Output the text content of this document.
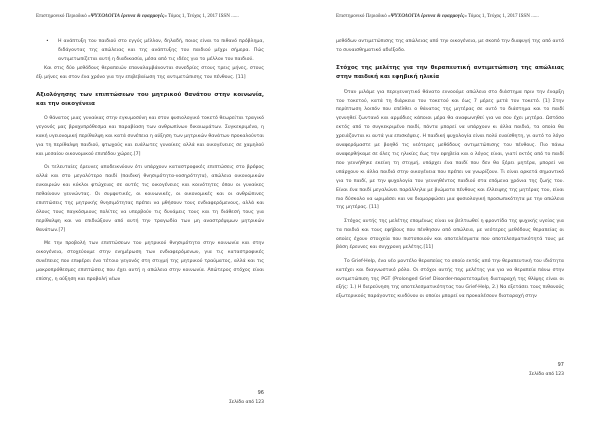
Επιστημονικό Περιοδικό «ΨΥΧΟΛΟΓΙΑ έρευνα & εφαρμογές» Τόμος 1, Τεύχος 1, 2017 ISSN ......

• Η ανάπτυξη του παιδιού στο εγγύς μέλλον, δηλαδή, ποιος είναι το πιθανό πρόβλημα, διδάγοντας της απώλειας και της ανάπτυξης του παιδιού μέχρι σήμερα. Πώς αντιμετωπίζεται αυτή η διαδικασία, μέσα από τις ιδέες για το μέλλον του παιδιού.

Και στις δύο μεθόδους θεραπειών επαναλαμβάνονται συνεδρίες στους τρεις μήνες, στους έξι μήνες και στον ένα χρόνο για την επιβεβαίωση της αντιμετώπισης του πένθους. [11]

Αξιολόγησης των επιπτώσεων του μητρικού θανάτου στην κοινωνία, και την οικογένεια

Ο θάνατος μιας γυναίκας στην εγκυμοσύνη και στον φυσιολογικό τοκετό θεωρείται τραγικό γεγονός μας βραχυπρόθεσμα και παραβίαση των ανθρωπίνων δικαιωμάτων. Συγκεκριμένα, η κακή υγειονομική περίθαλψη και κατά συνέπεια η αύξηση των μητρικών θανάτων προκαλούνται για τη περίθαλψη παιδιού, φτωχούς και ευάλωτες γυναίκες αλλά και οικογένειες σε χαμηλού και μεσαίου οικονομικού επιπέδου χώρες.[7]

Οι τελευταίες έρευνες αποδεικνύουν ότι υπάρχουν καταστροφικές επιπτώσεις στο βρέφος αλλά και στο μεγαλύτερο παιδί (παιδική θνησιμότητα-νοσηρότητα), απώλεια οικονομικών ευκαιριών και κύκλοι φτώχειας σε αυτές τις οικογένειες και κοινότητες όπου οι γυναίκες πεθαίνουν γεννώντας. Οι συμφυτικές, οι κοινωνικές, οι οικονομικές και οι ανθρώπινες επιπτώσεις της μητρικής θνησιμότητας πρέπει να μθήσουν τους ενδιαφερόμενους, αλλά και όλους τους παγκόσμιους πολίτες να υπερβούν τις δυνάμεις τους και τη διάθεσή τους για περίθαλψη και να επιδιώξουν από αυτή την τραγωδία των μη αναστρέψιμων μητρικών θανάτων.[7]

Με την προβολή των επιπτώσεων του μητρικού θνησιμότητα στην κοινωνία και στην οικογένεια, στοχεύουμε στην ενημέρωση των ενδιαφερόμενων, για τις καταστροφικές συνέπειες που επιφέρει ένα τέτοιο γεγονός στη στιγμή της μητρικού τραύματος, αλλά και τις μακροπρόθεσμες επιπτώσεις που έχει αυτή η απώλεια στην κοινωνία. Απώτερος στόχος είναι επίσης, η αύξηση και προβολή νέων

96
Σελίδα από 123
Επιστημονικό Περιοδικό «ΨΥΧΟΛΟΓΙΑ έρευνα & εφαρμογές» Τόμος 1, Τεύχος 1, 2017 ISSN ......

μεθόδων αντιμετώπισης της απώλειας από την οικογένεια, με σκοπό την διαφυγή της από αυτό το συναισθηματικό αδιέξοδο.

Στόχος της μελέτης για την θεραπευτική αντιμετώπιση της απώλειας στην παιδική και εφηβική ηλικία

Όταν μιλάμε για περιγεννητικό θάνατο εννοούμε απώλεια στο διάστημα πριν την έναρξη του τοκετού, κατά τη διάρκεια του τοκετού και έως 7 μέρες μετά τον τοκετό. [1] Στην περίπτωση λοιπόν που επέλθει ο θάνατος της μητέρας σε αυτό το διάστημα και το παιδί γεννηθεί ζωντανό και αρμόδιες κάποιοι μέρα θα αναφωνηθεί για να σου έχει μητέρα. Ωστόσο εκτός από το συγκεκριμένο παιδί, πάντα μπορεί να υπάρχουν κι άλλα παιδιά, τα οποία θα χρειάζονται κι αυτά για επισκέψεις. Η παιδική ψυχολογία είναι πολύ ευαίσθητη, γι αυτό το λόγο αναφερόμαστε με βοηθό τις νεότερες μεθόδους αντιμετώπισης του πένθους. Πιο πάνω αναφερθήκαμε σε όλες τις ηλικίες έως την εφηβεία και ο λόγος είναι, γιατί εκτός από το παιδί που γεννήθηκε εκείνη τη στιγμή, υπάρχει ένα παιδί που δεν θα ξέρει μητέρα, μπορεί να υπάρχουν κι άλλα παιδιά στην οικογένεια που πρέπει να γνωρίζουν. Τι είναι αρκετά σημαντικό για το παιδί, με την ψυχολογία του γεννηθέντος παιδιού στα επόμενα χρόνια της ζωής του. Είναι ένα παιδί μεγαλώνει παράλληλα με βιώματα πένθους και έλλειψης της μητέρας του, είναι πιο δύσκολο να ωριμάσει και να διαμορφώσει μια φυσιολογική προσωπικότητα με την απώλεια της μητέρας. [11]

Στόχος αυτής της μελέτης επομένως είναι να βελτιωθεί η φροντίδα της ψυχικής υγείας για τα παιδιά και τους εφήβους που πένθησαν από απώλεια, με νεότερες μεθόδους θεραπείας οι οποίες έχουν στοιχεία που πιστοποιούν και αποτελέσματα που αποτελεσματικότητά τους με βάση έρευνες και συγχρονη μελέτης.[11]

Το Grief-Help, ένα νέο μοντέλο θεραπείας το οποίο εκτός από την θεραπευτική του ιδιότητα κατέχει και διαγνωστικό ρόλο. Οι στόχοι αυτής της μελέτης για για να θεραπεία πάνω στην αντιμετώπιση της PGT (Prolonged Grief Disorder-παρατεταμένη διαταραχή της θλίψης είναι οι εξής: 1.) Η διερεύνηση της αποτελεσματικότητας του Grief-Help, 2.) Να εξετάσει τους πιθανούς εξωτερικούς παράγοντες κινδύνου οι οποίοι μπορεί να προκαλέσουν διαταραχή στην

97
Σελίδα από 123
